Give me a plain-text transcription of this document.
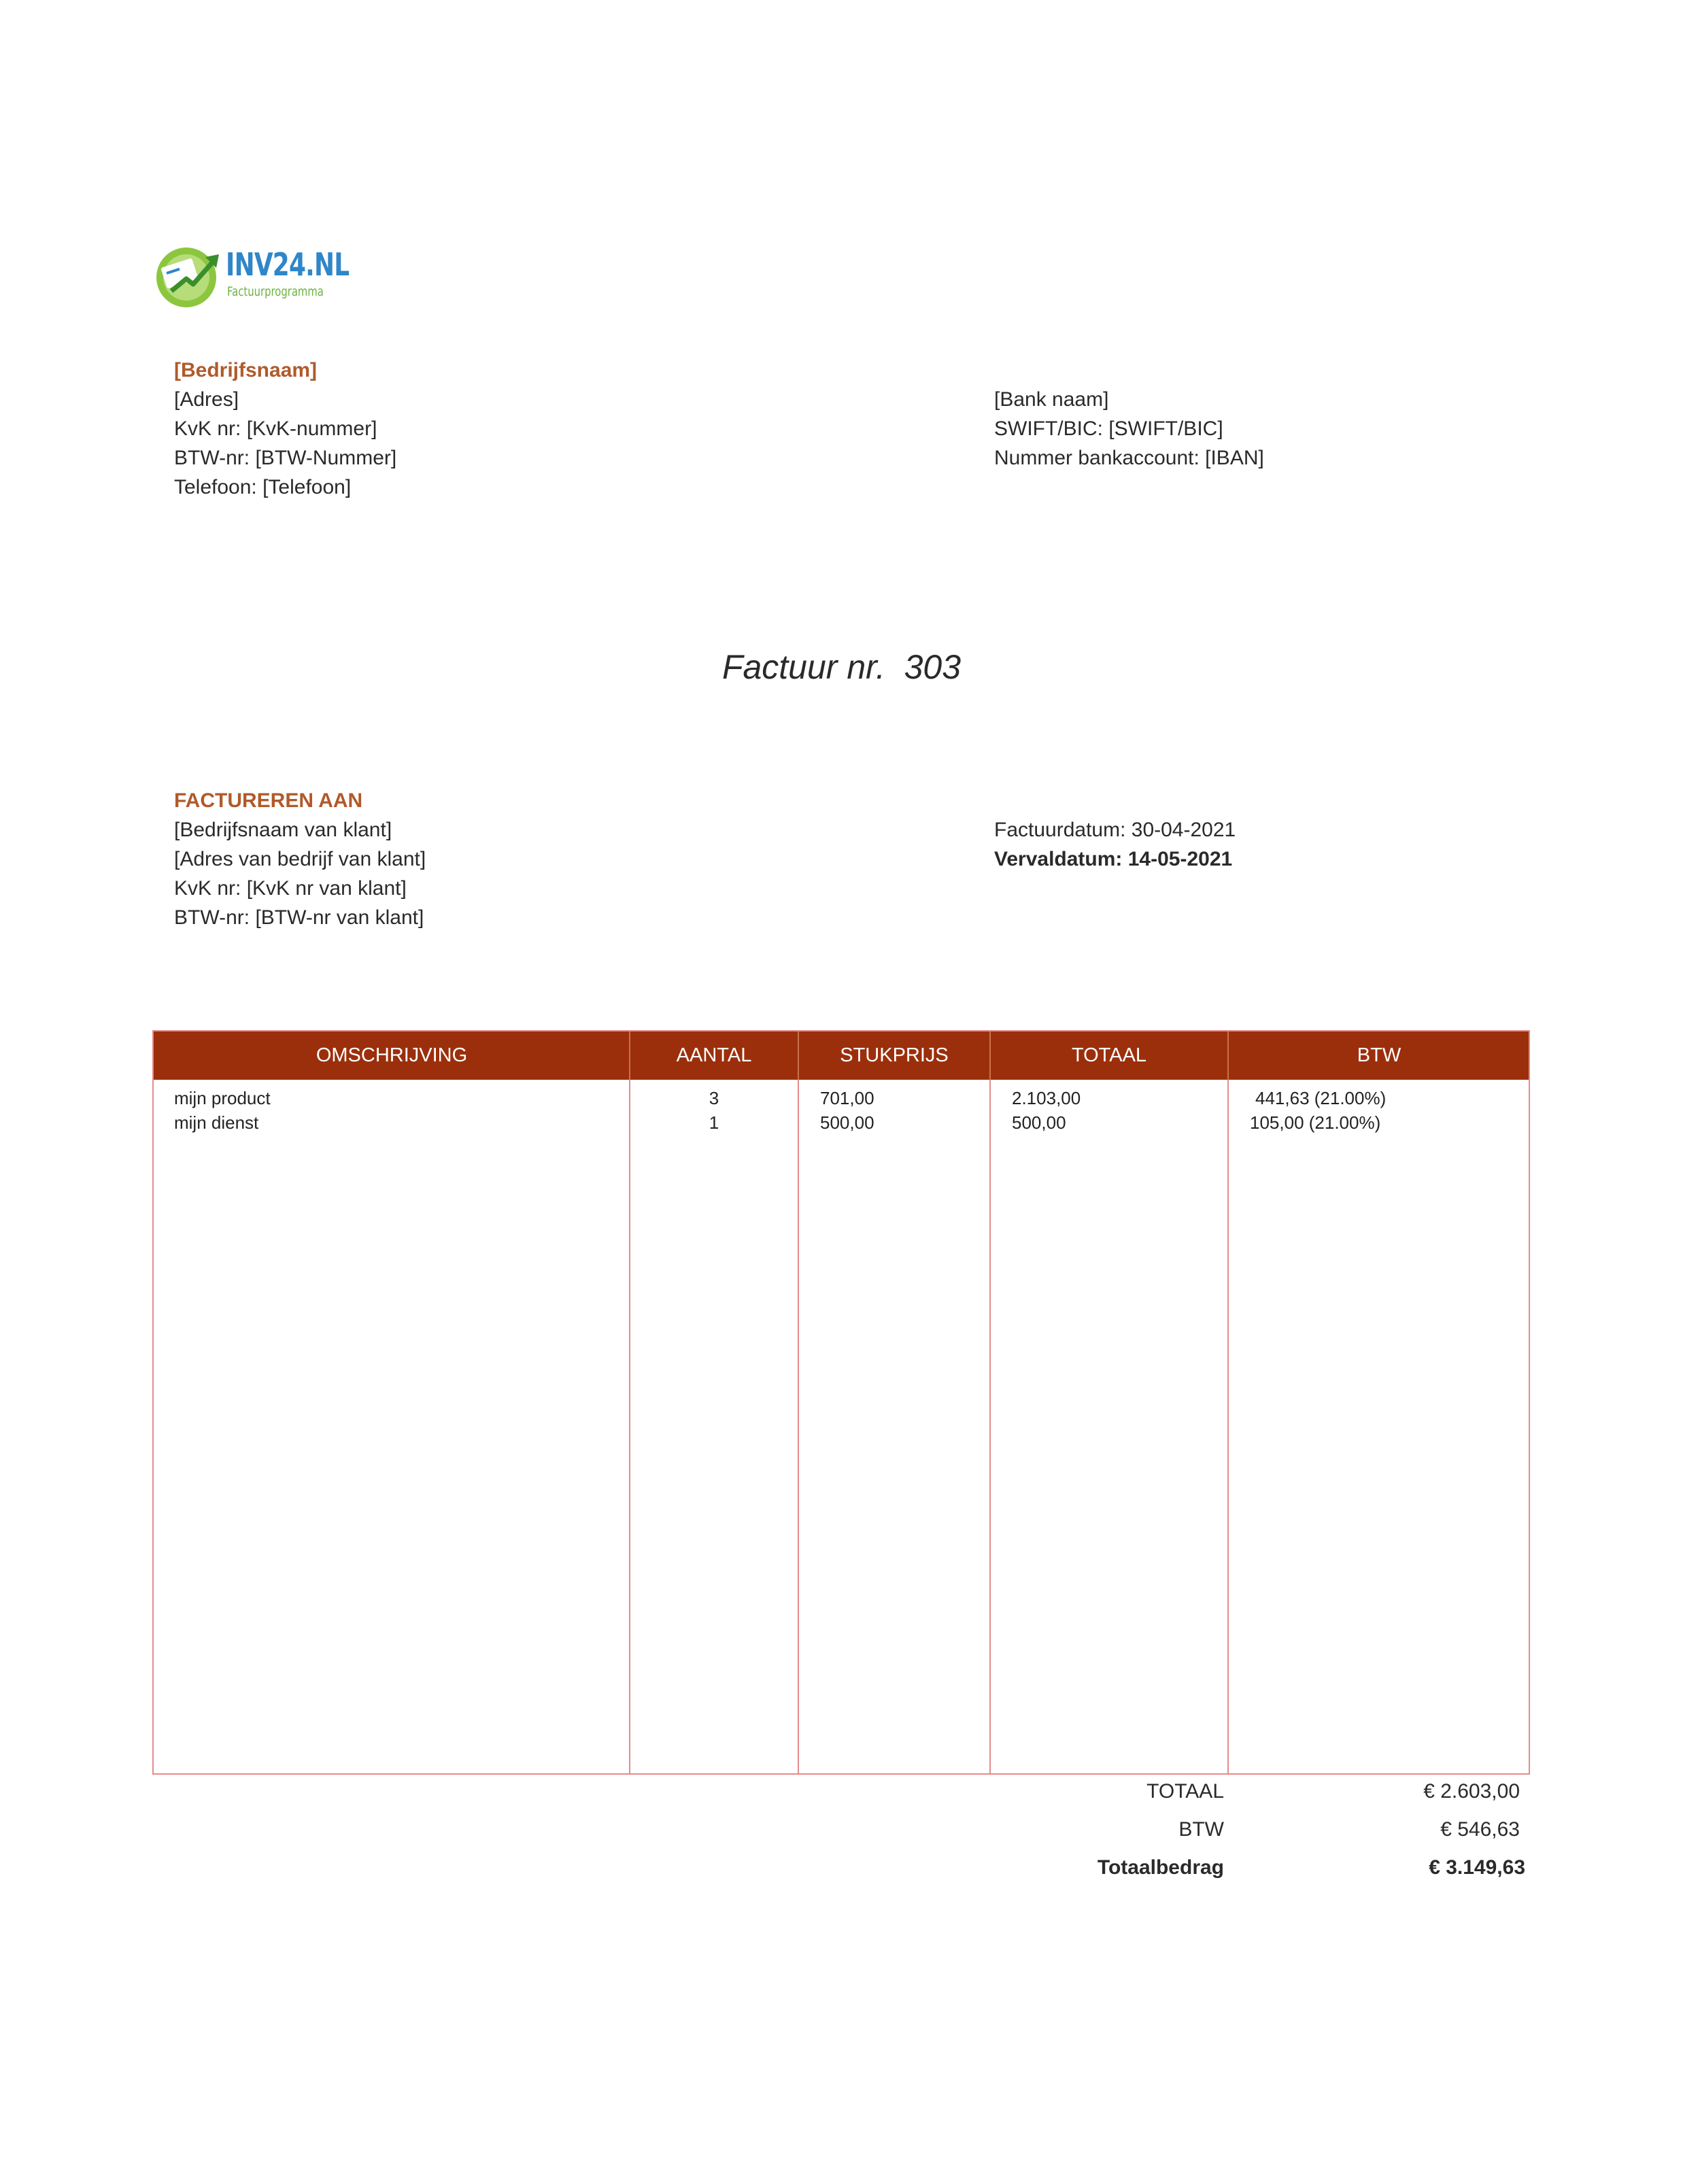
INV24.NL
Factuurprogramma
[Bedrijfsnaam]
[Adres]
KvK nr: [KvK-nummer]
BTW-nr: [BTW-Nummer]
Telefoon: [Telefoon]
[Bank naam]
SWIFT/BIC: [SWIFT/BIC]
Nummer bankaccount: [IBAN]
Factuur nr.  303
FACTUREREN AAN
[Bedrijfsnaam van klant]
[Adres van bedrijf van klant]
KvK nr: [KvK nr van klant]
BTW-nr: [BTW-nr van klant]
Factuurdatum: 30-04-2021
Vervaldatum: 14-05-2021
OMSCHRIJVING	AANTAL	STUKPRIJS	TOTAAL	BTW
mijn product	3	701,00	2.103,00	441,63 (21.00%)
mijn dienst	1	500,00	500,00	105,00 (21.00%)
TOTAAL	€ 2.603,00
BTW	€ 546,63
Totaalbedrag	€ 3.149,63
